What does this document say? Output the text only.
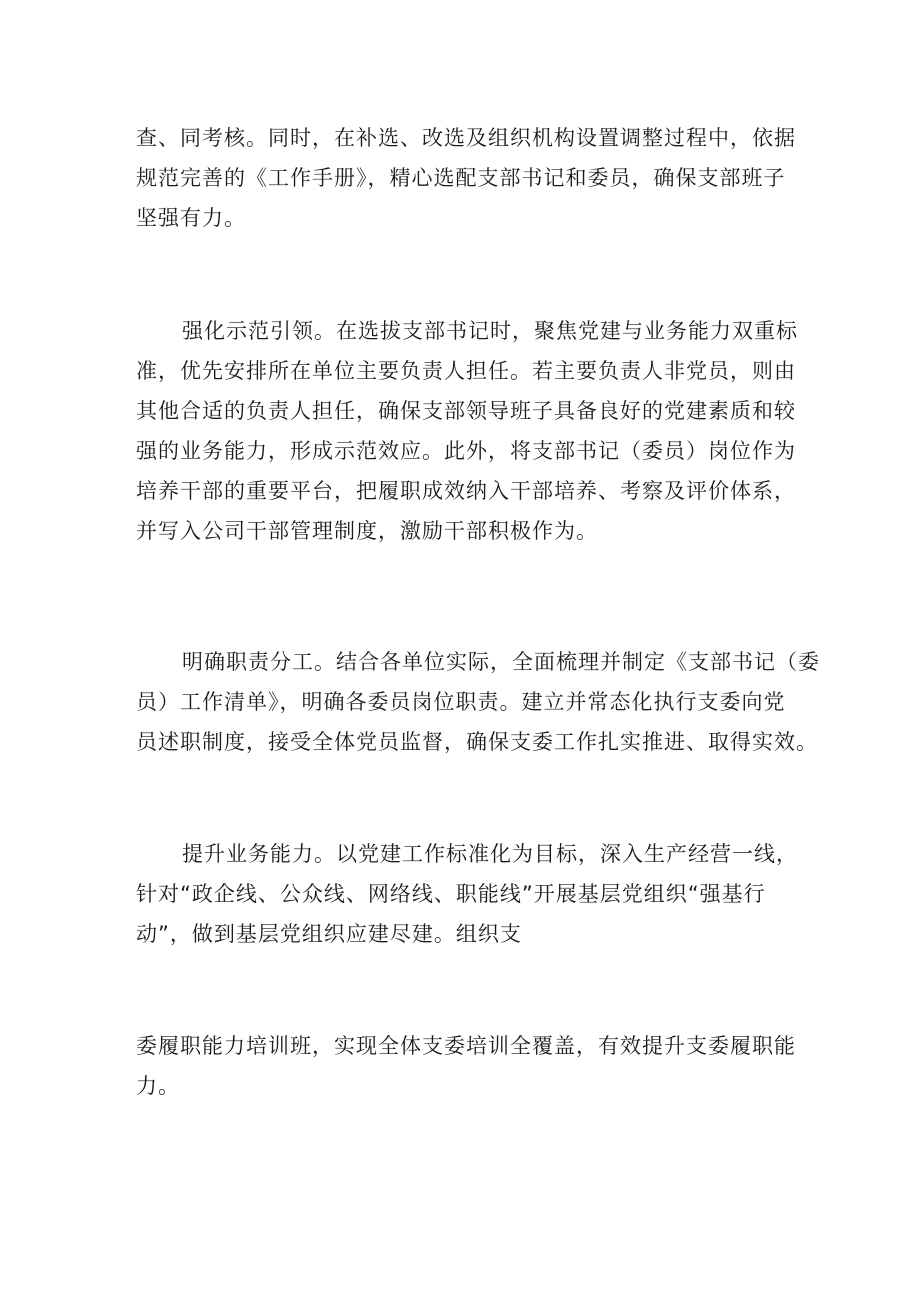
查、同考核。同时，在补选、改选及组织机构设置调整过程中，依据
规范完善的《工作手册》，精心选配支部书记和委员，确保支部班子
坚强有力。

强化示范引领。在选拔支部书记时，聚焦党建与业务能力双重标
准，优先安排所在单位主要负责人担任。若主要负责人非党员，则由
其他合适的负责人担任，确保支部领导班子具备良好的党建素质和较
强的业务能力，形成示范效应。此外，将支部书记（委员）岗位作为
培养干部的重要平台，把履职成效纳入干部培养、考察及评价体系，
并写入公司干部管理制度，激励干部积极作为。

明确职责分工。结合各单位实际，全面梳理并制定《支部书记（委
员）工作清单》，明确各委员岗位职责。建立并常态化执行支委向党
员述职制度，接受全体党员监督，确保支委工作扎实推进、取得实效。

提升业务能力。以党建工作标准化为目标，深入生产经营一线，
针对“政企线、公众线、网络线、职能线”开展基层党组织“强基行
动”，做到基层党组织应建尽建。组织支

委履职能力培训班，实现全体支委培训全覆盖，有效提升支委履职能
力。
